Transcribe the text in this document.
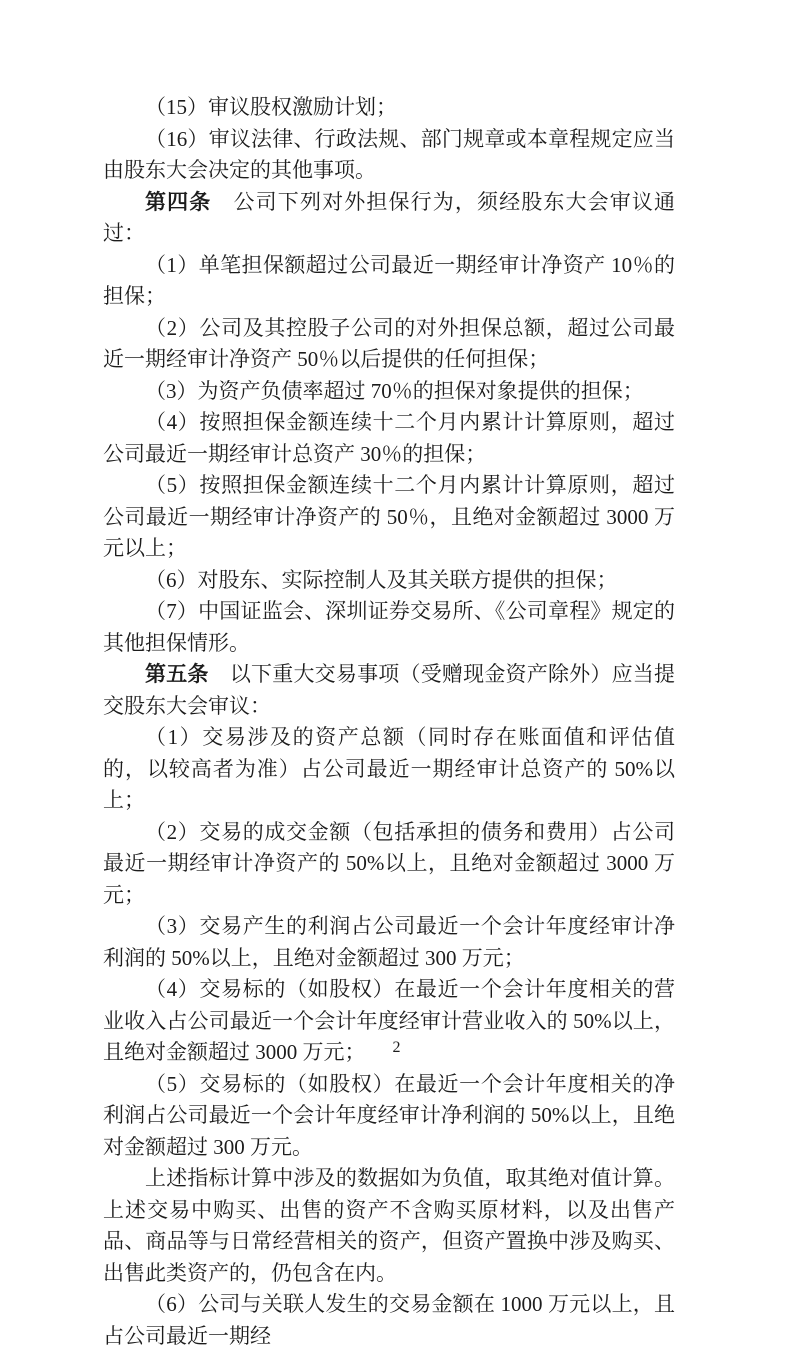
（15）审议股权激励计划；

（16）审议法律、行政法规、部门规章或本章程规定应当由股东大会决定的其他事项。

第四条　 公司下列对外担保行为，须经股东大会审议通过：

（1）单笔担保额超过公司最近一期经审计净资产 10％的担保；

（2）公司及其控股子公司的对外担保总额，超过公司最近一期经审计净资产 50％以后提供的任何担保；

（3）为资产负债率超过 70％的担保对象提供的担保；

（4）按照担保金额连续十二个月内累计计算原则，超过公司最近一期经审计总资产 30％的担保；

（5）按照担保金额连续十二个月内累计计算原则，超过公司最近一期经审计净资产的 50％，且绝对金额超过 3000 万元以上；

（6）对股东、实际控制人及其关联方提供的担保；

（7）中国证监会、深圳证券交易所、《公司章程》规定的其他担保情形。

第五条　 以下重大交易事项（受赠现金资产除外）应当提交股东大会审议：

（1）交易涉及的资产总额（同时存在账面值和评估值的，以较高者为准）占公司最近一期经审计总资产的 50%以上；

（2）交易的成交金额（包括承担的债务和费用）占公司最近一期经审计净资产的 50%以上，且绝对金额超过 3000 万元；

（3）交易产生的利润占公司最近一个会计年度经审计净利润的 50%以上，且绝对金额超过 300 万元；

（4）交易标的（如股权）在最近一个会计年度相关的营业收入占公司最近一个会计年度经审计营业收入的 50%以上，且绝对金额超过 3000 万元；

（5）交易标的（如股权）在最近一个会计年度相关的净利润占公司最近一个会计年度经审计净利润的 50%以上，且绝对金额超过 300 万元。

上述指标计算中涉及的数据如为负值，取其绝对值计算。上述交易中购买、出售的资产不含购买原材料，以及出售产品、商品等与日常经营相关的资产，但资产置换中涉及购买、出售此类资产的，仍包含在内。

（6）公司与关联人发生的交易金额在 1000 万元以上，且占公司最近一期经

2
